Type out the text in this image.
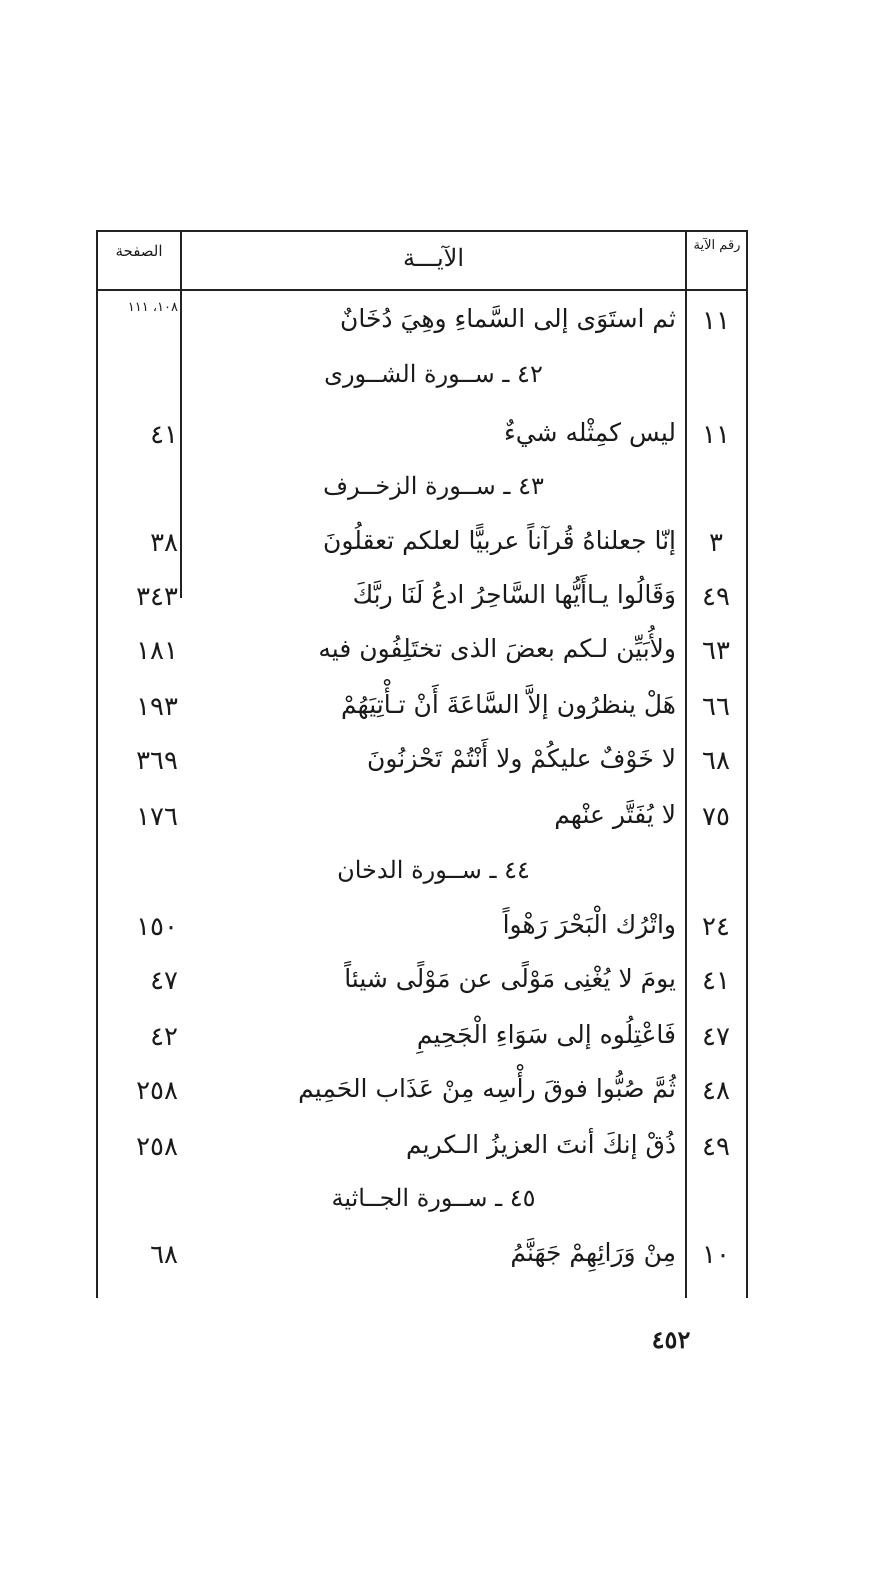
الصفحة	الآيـــة	رقم الآية
١١
ثم استَوَى إلى السَّماءِ وهِيَ دُخَانٌ
١٠٨، ١١١
٤٢ ـ ســورة الشــورى
١١
ليس كمِثْله شيءٌ
٤١
٤٣ ـ ســورة الزخــرف
٣
إنّا جعلناهُ قُرآناً عربيًّا لعلكم تعقلُونَ
٣٨
٤٩
وَقَالُوا يـاأَيُّها السَّاحِرُ ادعُ لَنَا ربَّكَ
٣٤٣
٦٣
ولأُبَيِّن لـكم بعضَ الذى تختَلِفُون فيه
١٨١
٦٦
هَلْ ينظرُون إلاَّ السَّاعَةَ أَنْ تـأْتِيَهُمْ
١٩٣
٦٨
لا خَوْفٌ عليكُمْ ولا أَنْتُمْ تَحْزنُونَ
٣٦٩
٧٥
لا يُفَتَّر عنْهم
١٧٦
٤٤ ـ ســورة الدخان
٢٤
واتْرُك الْبَحْرَ رَهْواً
١٥٠
٤١
يومَ لا يُغْنِى مَوْلًى عن مَوْلًى شيئاً
٤٧
٤٧
فَاعْتِلُوه إلى سَوَاءِ الْجَحِيمِ
٤٢
٤٨
ثُمَّ صُبُّوا فوقَ رأْسِه مِنْ عَذَاب الحَمِيم
٢٥٨
٤٩
ذُقْ إنكَ أنتَ العزيزُ الـكريم
٢٥٨
٤٥ ـ ســورة الجــاثية
١٠
مِنْ وَرَائِهِمْ جَهَنَّمُ
٦٨
٤٥٢
